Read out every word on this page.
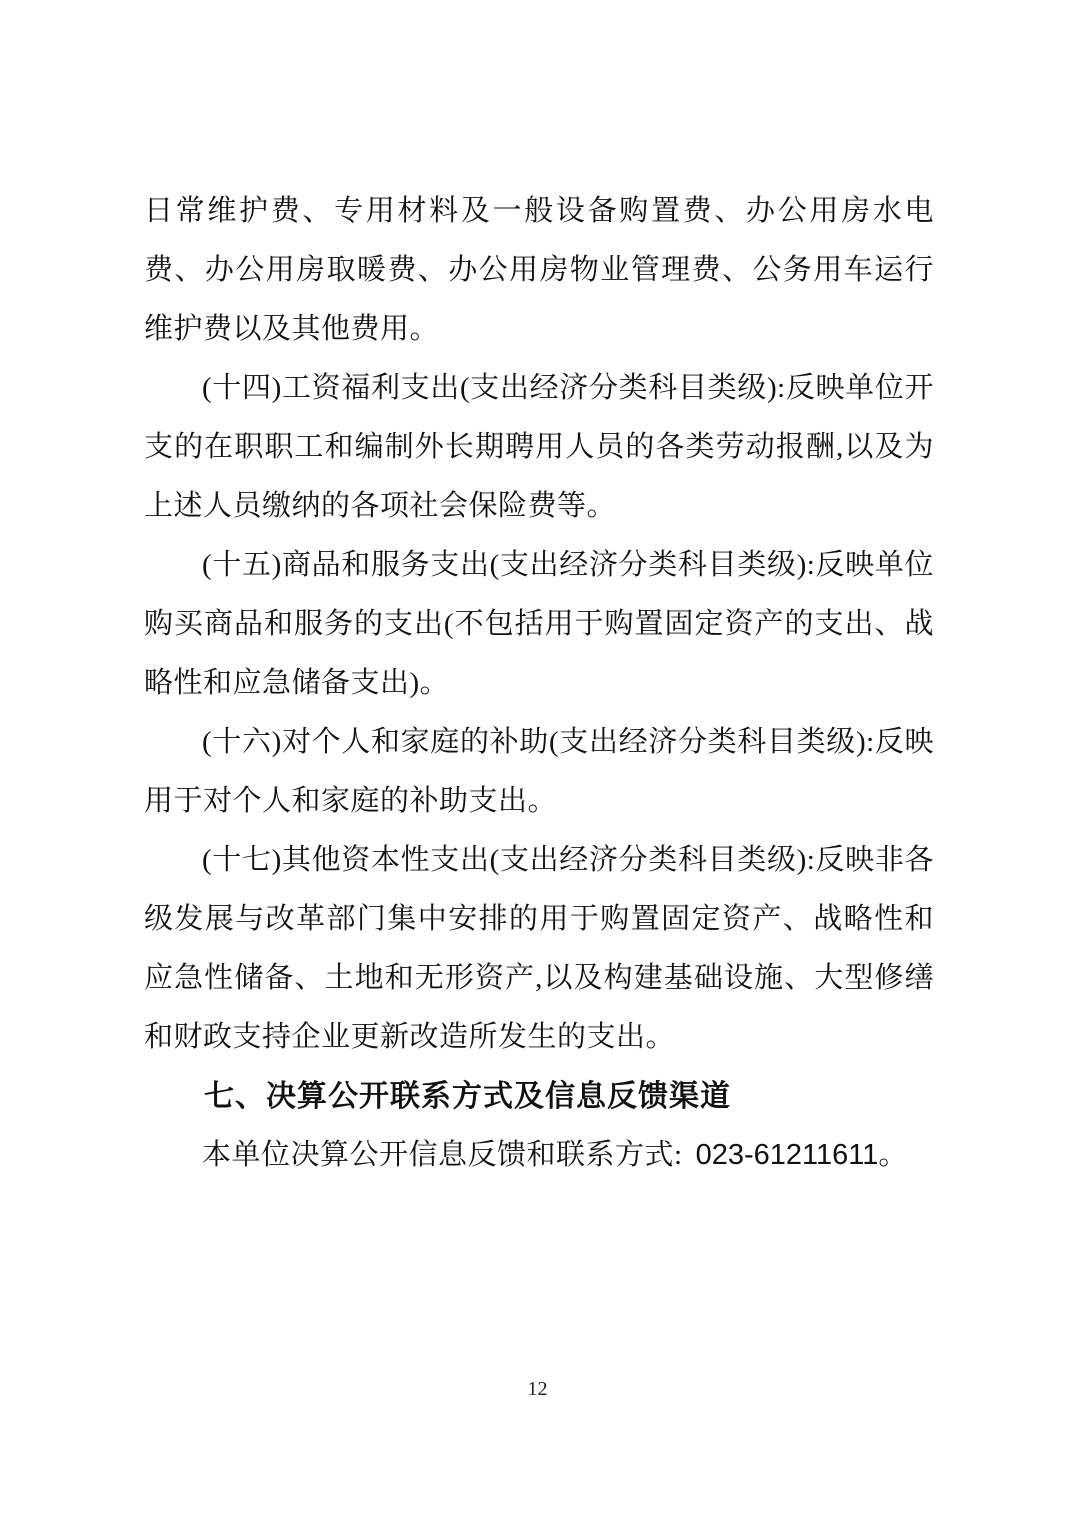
日常维护费、专用材料及一般设备购置费、办公用房水电费、办公用房取暖费、办公用房物业管理费、公务用车运行维护费以及其他费用。

(十四)工资福利支出(支出经济分类科目类级):反映单位开支的在职职工和编制外长期聘用人员的各类劳动报酬,以及为上述人员缴纳的各项社会保险费等。

(十五)商品和服务支出(支出经济分类科目类级):反映单位购买商品和服务的支出(不包括用于购置固定资产的支出、战略性和应急储备支出)。

(十六)对个人和家庭的补助(支出经济分类科目类级):反映用于对个人和家庭的补助支出。

(十七)其他资本性支出(支出经济分类科目类级):反映非各级发展与改革部门集中安排的用于购置固定资产、战略性和应急性储备、土地和无形资产,以及构建基础设施、大型修缮和财政支持企业更新改造所发生的支出。

七、决算公开联系方式及信息反馈渠道

本单位决算公开信息反馈和联系方式: 023-61211611。

12
